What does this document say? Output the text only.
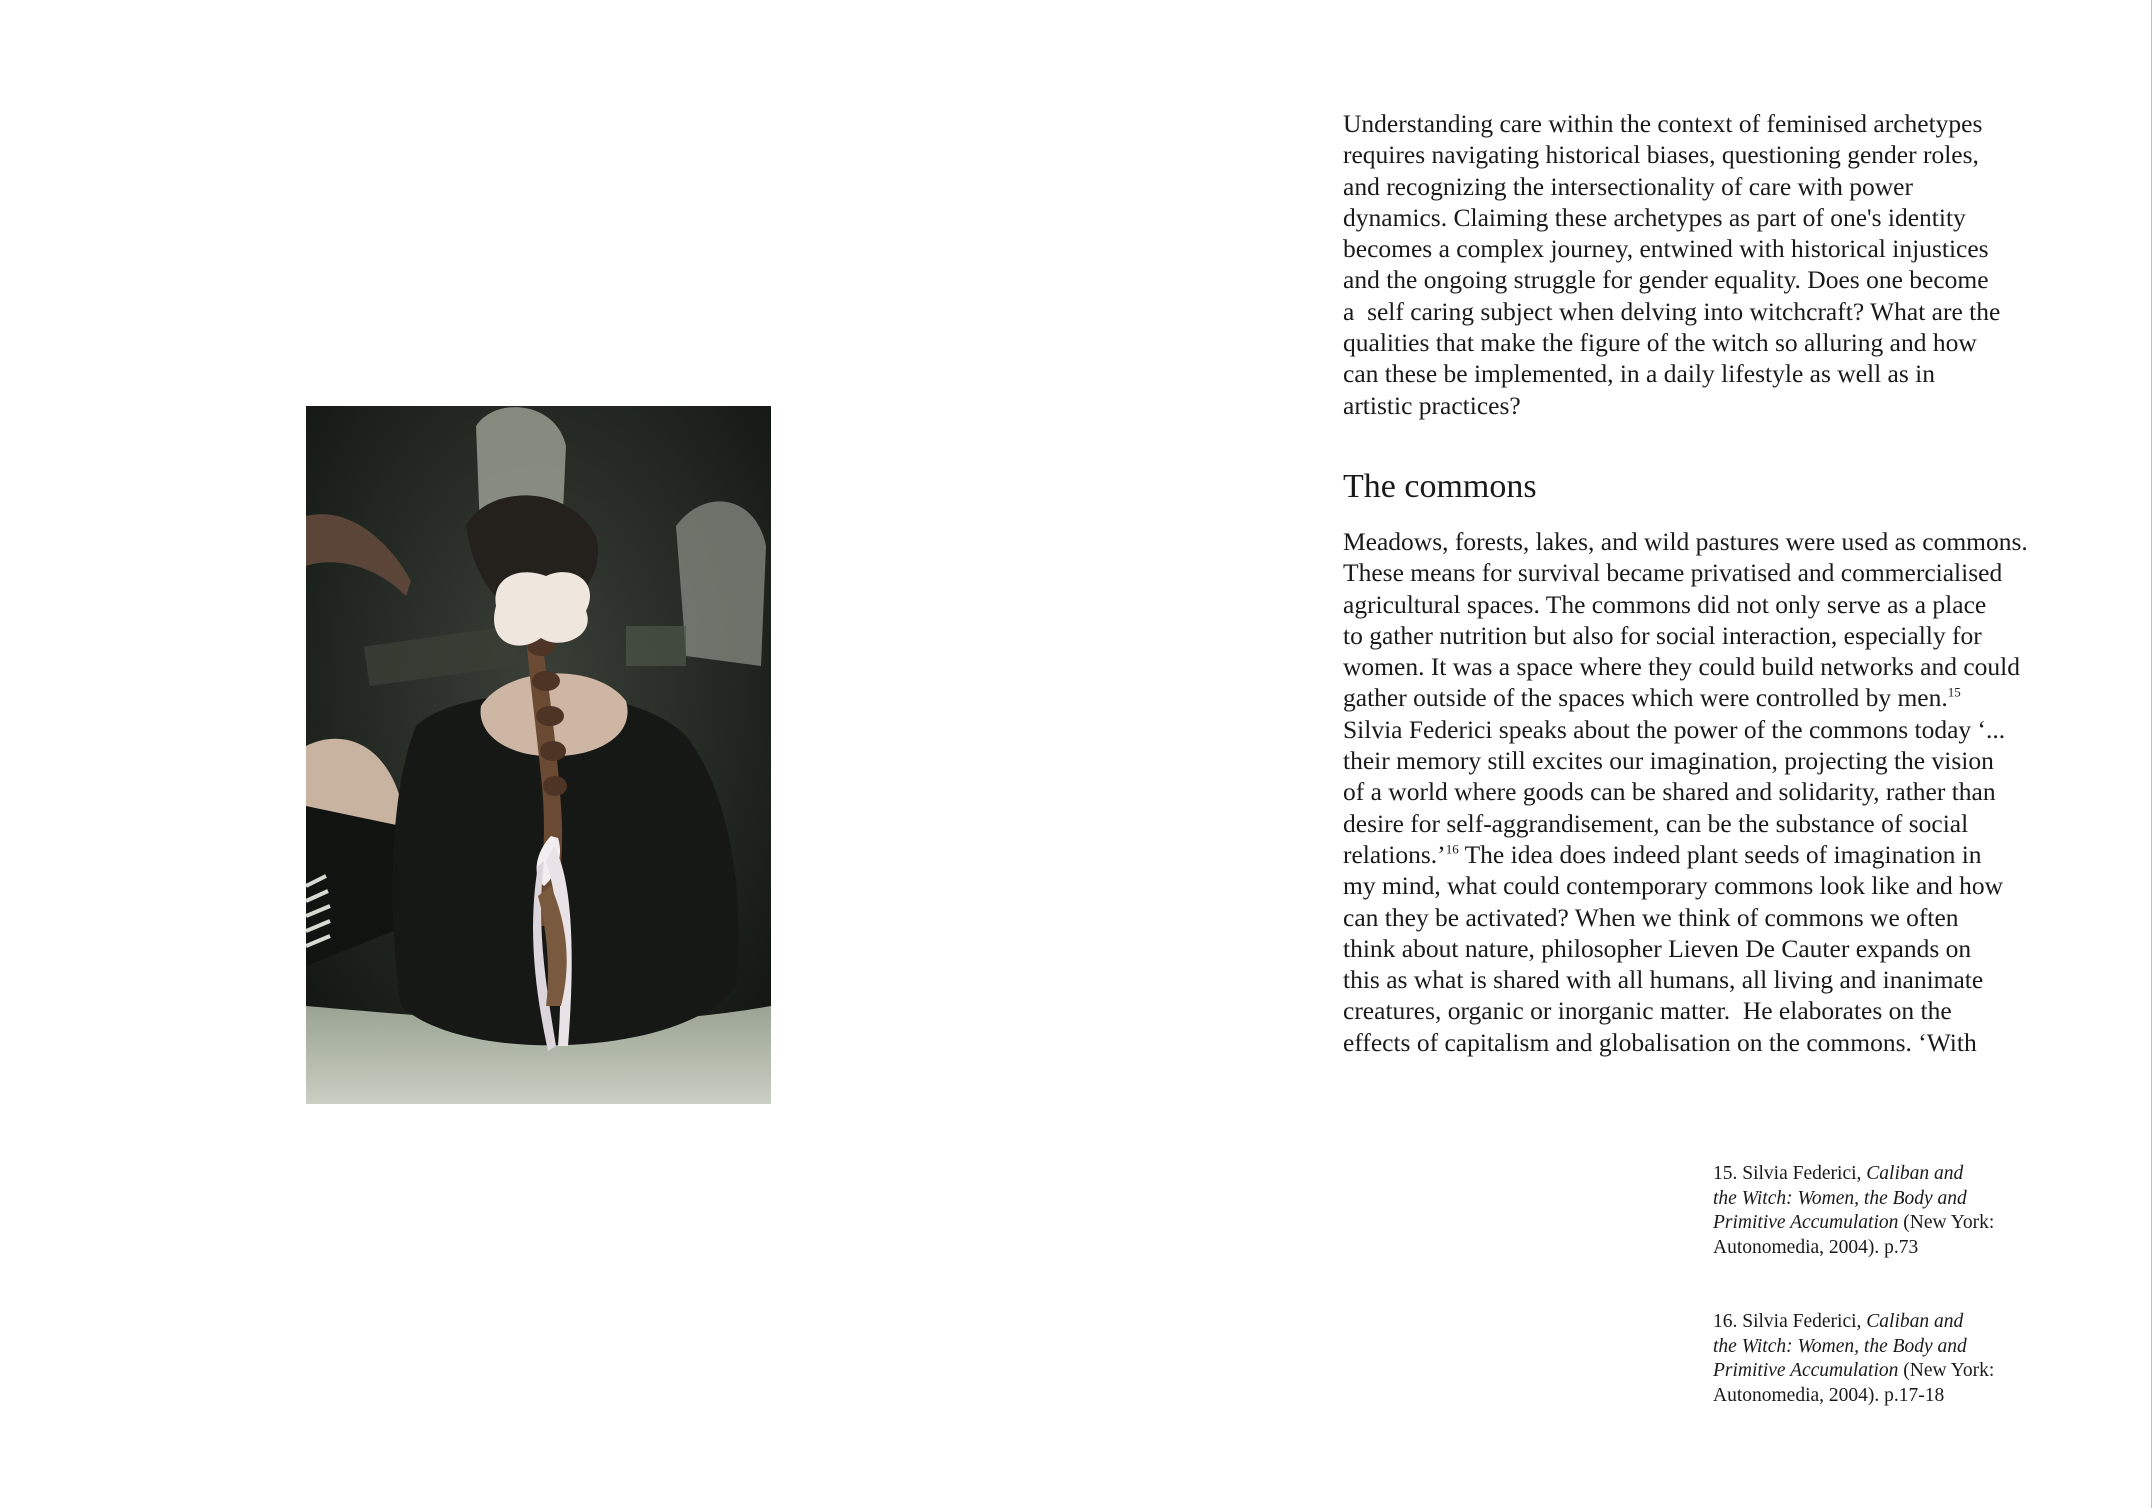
Understanding care within the context of feminised archetypes
requires navigating historical biases, questioning gender roles,
and recognizing the intersectionality of care with power
dynamics. Claiming these archetypes as part of one's identity
becomes a complex journey, entwined with historical injustices
and the ongoing struggle for gender equality. Does one become
a  self caring subject when delving into witchcraft? What are the
qualities that make the figure of the witch so alluring and how
can these be implemented, in a daily lifestyle as well as in
artistic practices?

The commons

Meadows, forests, lakes, and wild pastures were used as commons.
These means for survival became privatised and commercialised
agricultural spaces. The commons did not only serve as a place
to gather nutrition but also for social interaction, especially for
women. It was a space where they could build networks and could
gather outside of the spaces which were controlled by men.$^{15}$
Silvia Federici speaks about the power of the commons today ‘...
their memory still excites our imagination, projecting the vision
of a world where goods can be shared and solidarity, rather than
desire for self-aggrandisement, can be the substance of social
relations.’$^{16}$ The idea does indeed plant seeds of imagination in
my mind, what could contemporary commons look like and how
can they be activated? When we think of commons we often
think about nature, philosopher Lieven De Cauter expands on
this as what is shared with all humans, all living and inanimate
creatures, organic or inorganic matter.  He elaborates on the
effects of capitalism and globalisation on the commons. ‘With

15. Silvia Federici, Caliban and
the Witch: Women, the Body and
Primitive Accumulation (New York:
Autonomedia, 2004). p.73

16. Silvia Federici, Caliban and
the Witch: Women, the Body and
Primitive Accumulation (New York:
Autonomedia, 2004). p.17-18
